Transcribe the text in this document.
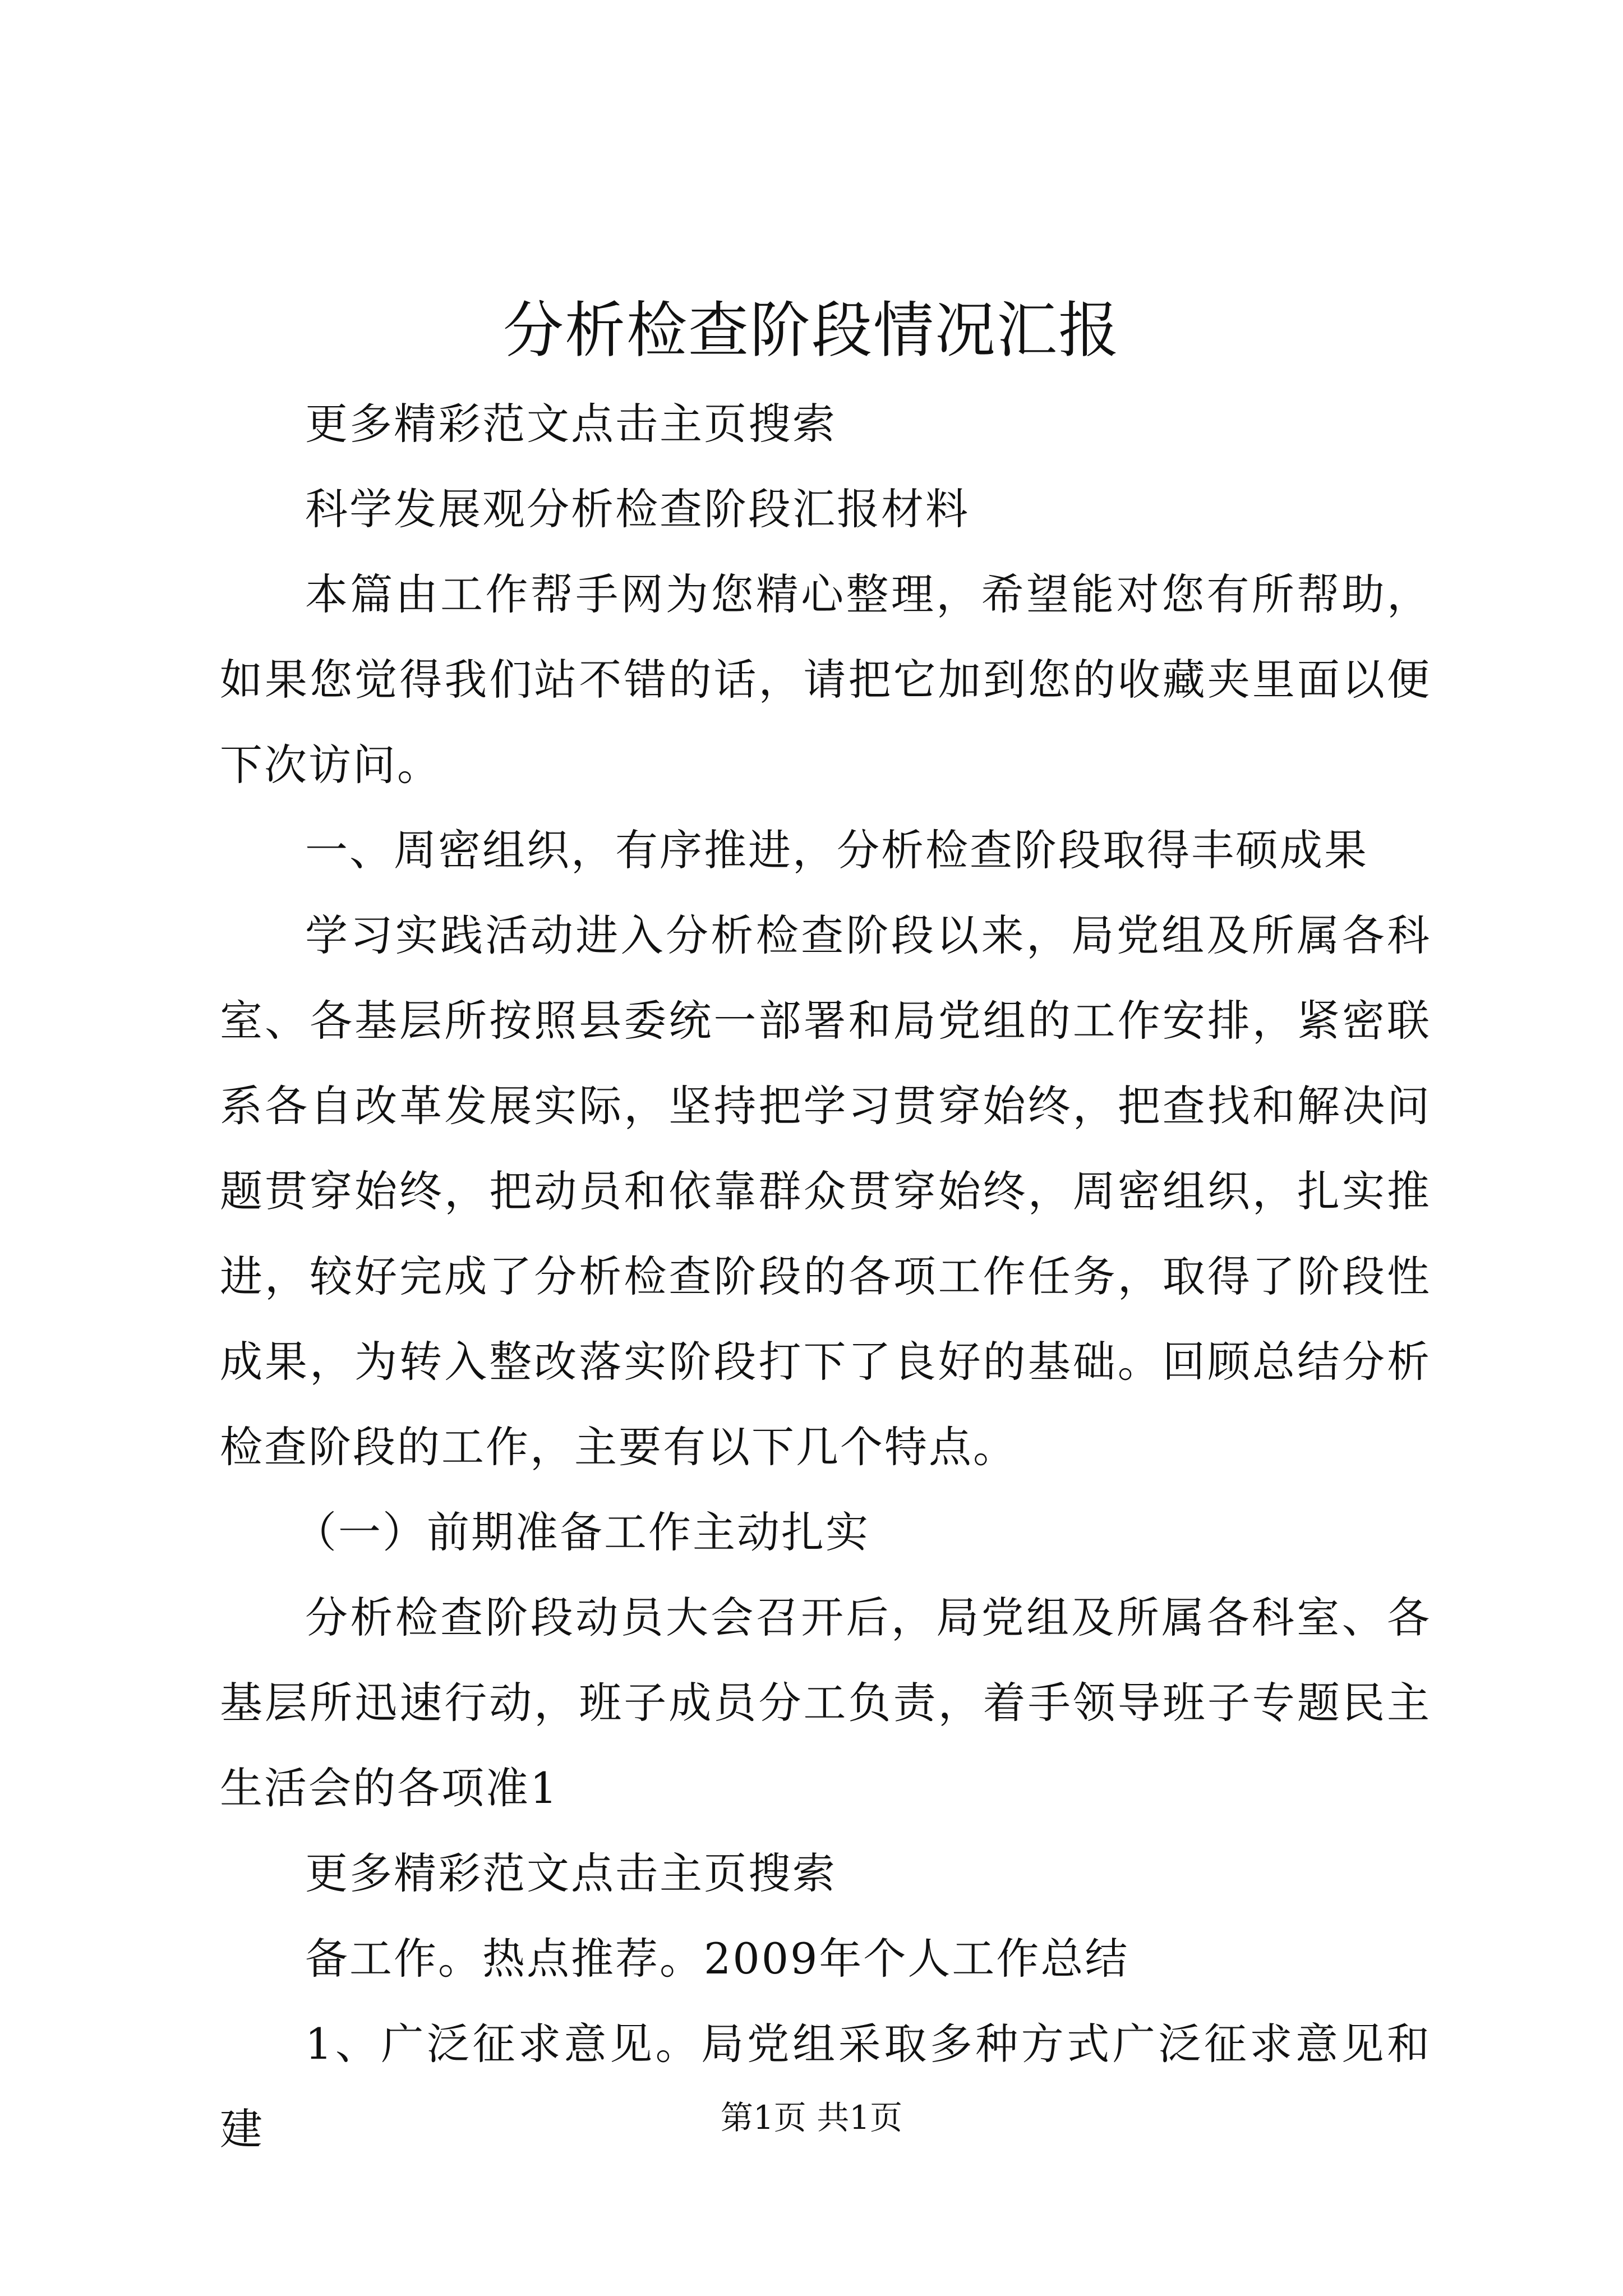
分析检查阶段情况汇报

更多精彩范文点击主页搜索

科学发展观分析检查阶段汇报材料

本篇由工作帮手网为您精心整理，希望能对您有所帮助，如果您觉得我们站不错的话，请把它加到您的收藏夹里面以便下次访问。

一、周密组织，有序推进，分析检查阶段取得丰硕成果

学习实践活动进入分析检查阶段以来，局党组及所属各科室、各基层所按照县委统一部署和局党组的工作安排，紧密联系各自改革发展实际，坚持把学习贯穿始终，把查找和解决问题贯穿始终，把动员和依靠群众贯穿始终，周密组织，扎实推进，较好完成了分析检查阶段的各项工作任务，取得了阶段性成果，为转入整改落实阶段打下了良好的基础。回顾总结分析检查阶段的工作，主要有以下几个特点。

（一）前期准备工作主动扎实

分析检查阶段动员大会召开后，局党组及所属各科室、各基层所迅速行动，班子成员分工负责，着手领导班子专题民主生活会的各项准1

更多精彩范文点击主页搜索

备工作。热点推荐。2009年个人工作总结

1、广泛征求意见。局党组采取多种方式广泛征求意见和建	第1页 共1页
